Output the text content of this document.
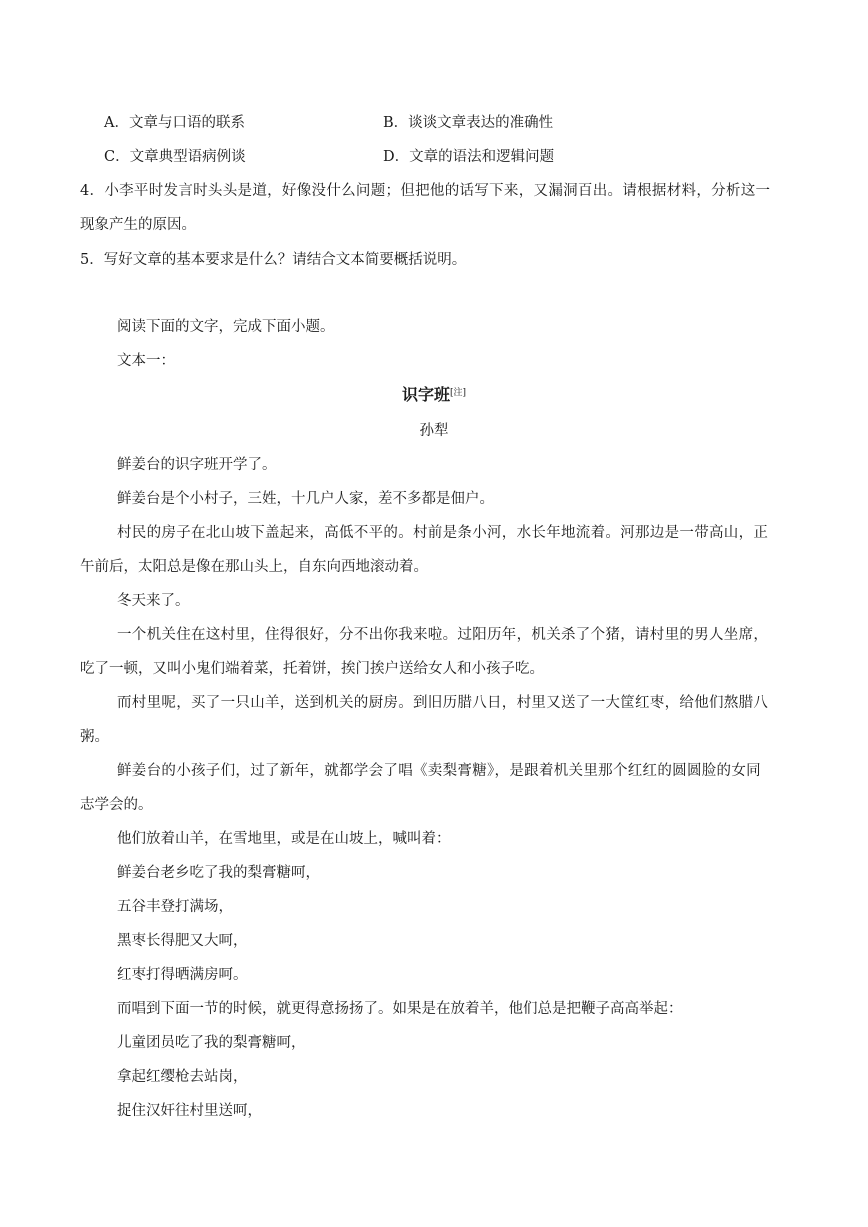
A．文章与口语的联系	B．谈谈文章表达的准确性
C．文章典型语病例谈	D．文章的语法和逻辑问题
4．小李平时发言时头头是道，好像没什么问题；但把他的话写下来，又漏洞百出。请根据材料，分析这一
现象产生的原因。
5．写好文章的基本要求是什么？请结合文本简要概括说明。
阅读下面的文字，完成下面小题。
文本一：
识字班[注]
孙犁
鲜姜台的识字班开学了。
鲜姜台是个小村子，三姓，十几户人家，差不多都是佃户。
村民的房子在北山坡下盖起来，高低不平的。村前是条小河，水长年地流着。河那边是一带高山，正
午前后，太阳总是像在那山头上，自东向西地滚动着。
冬天来了。
一个机关住在这村里，住得很好，分不出你我来啦。过阳历年，机关杀了个猪，请村里的男人坐席，
吃了一顿，又叫小鬼们端着菜，托着饼，挨门挨户送给女人和小孩子吃。
而村里呢，买了一只山羊，送到机关的厨房。到旧历腊八日，村里又送了一大筐红枣，给他们熬腊八
粥。
鲜姜台的小孩子们，过了新年，就都学会了唱《卖梨膏糖》，是跟着机关里那个红红的圆圆脸的女同
志学会的。
他们放着山羊，在雪地里，或是在山坡上，喊叫着：
鲜姜台老乡吃了我的梨膏糖呵，
五谷丰登打满场，
黑枣长得肥又大呵，
红枣打得晒满房呵。
而唱到下面一节的时候，就更得意扬扬了。如果是在放着羊，他们总是把鞭子高高举起：
儿童团员吃了我的梨膏糖呵，
拿起红缨枪去站岗，
捉住汉奸往村里送呵，
